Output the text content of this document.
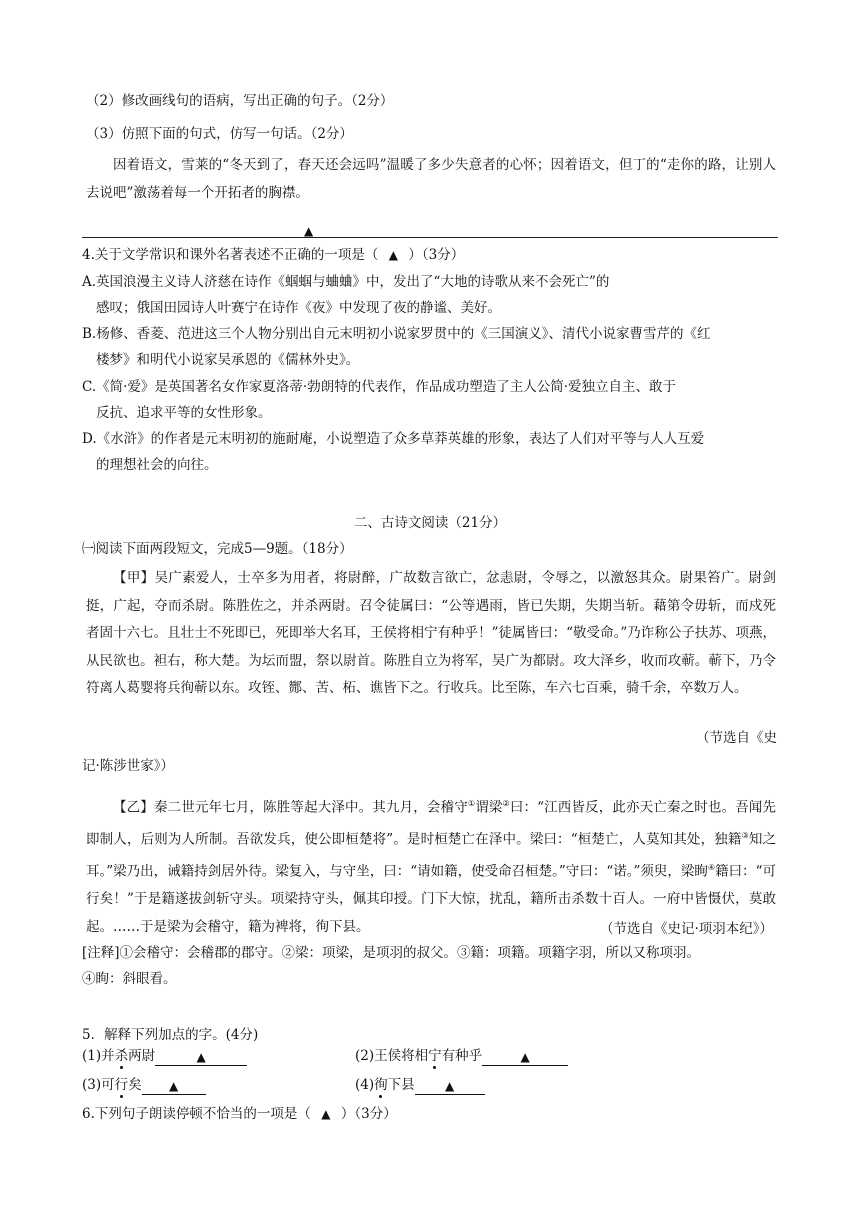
（2）修改画线句的语病，写出正确的句子。（2分）
（3）仿照下面的句式，仿写一句话。（2分）
因着语文，雪莱的“冬天到了，春天还会远吗”温暖了多少失意者的心怀；因着语文，但丁的“走你的路，让别人去说吧”激荡着每一个开拓者的胸襟。
▲
4.关于文学常识和课外名著表述不正确的一项是（ ▲ ）（3分）
A.英国浪漫主义诗人济慈在诗作《蝈蝈与蛐蛐》中，发出了“大地的诗歌从来不会死亡”的
感叹；俄国田园诗人叶赛宁在诗作《夜》中发现了夜的静谧、美好。
B.杨修、香菱、范进这三个人物分别出自元末明初小说家罗贯中的《三国演义》、清代小说家曹雪芹的《红
楼梦》和明代小说家吴承恩的《儒林外史》。
C.《简·爱》是英国著名女作家夏洛蒂·勃朗特的代表作，作品成功塑造了主人公简·爱独立自主、敢于
反抗、追求平等的女性形象。
D.《水浒》的作者是元末明初的施耐庵，小说塑造了众多草莽英雄的形象，表达了人们对平等与人人互爱
的理想社会的向往。
二、古诗文阅读（21分）
㈠阅读下面两段短文，完成5—9题。（18分）
【甲】吴广素爱人，士卒多为用者，将尉醉，广故数言欲亡，忿恚尉，令辱之，以激怒其众。尉果笞广。尉剑挺，广起，夺而杀尉。陈胜佐之，并杀两尉。召令徒属曰：“公等遇雨，皆已失期，失期当斩。藉第令毋斩，而戍死者固十六七。且壮士不死即已，死即举大名耳，王侯将相宁有种乎！”徒属皆曰：“敬受命。”乃诈称公子扶苏、项燕，从民欲也。袒右，称大楚。为坛而盟，祭以尉首。陈胜自立为将军，吴广为都尉。攻大泽乡，收而攻蕲。蕲下，乃令符离人葛婴将兵徇蕲以东。攻铚、酂、苦、柘、谯皆下之。行收兵。比至陈，车六七百乘，骑千余，卒数万人。
（节选自《史
记·陈涉世家》）
【乙】秦二世元年七月，陈胜等起大泽中。其九月，会稽守①谓梁②曰：“江西皆反，此亦天亡秦之时也。吾闻先即制人，后则为人所制。吾欲发兵，使公即桓楚将”。是时桓楚亡在泽中。梁曰：“桓楚亡，人莫知其处，独籍③知之耳。”梁乃出，诫籍持剑居外待。梁复入，与守坐，曰：“请如籍，使受命召桓楚。”守曰：“诺。”须臾，梁眴④籍曰：“可行矣！”于是籍遂拔剑斩守头。项梁持守头，佩其印授。门下大惊，扰乱，籍所击杀数十百人。一府中皆慑伏，莫敢起。……于是梁为会稽守，籍为裨将，徇下县。	（节选自《史记·项羽本纪》）
[注释]①会稽守：会稽郡的郡守。②梁：项梁，是项羽的叔父。③籍：项籍。项籍字羽，所以又称项羽。
④眴：斜眼看。
5．解释下列加点的字。(4分)
(1)并杀两尉	▲	(2)王侯将相宁有种乎	▲
(3)可行矣 ▲	(4)徇下县	▲
6.下列句子朗读停顿不恰当的一项是（ ▲ ）（3分）
